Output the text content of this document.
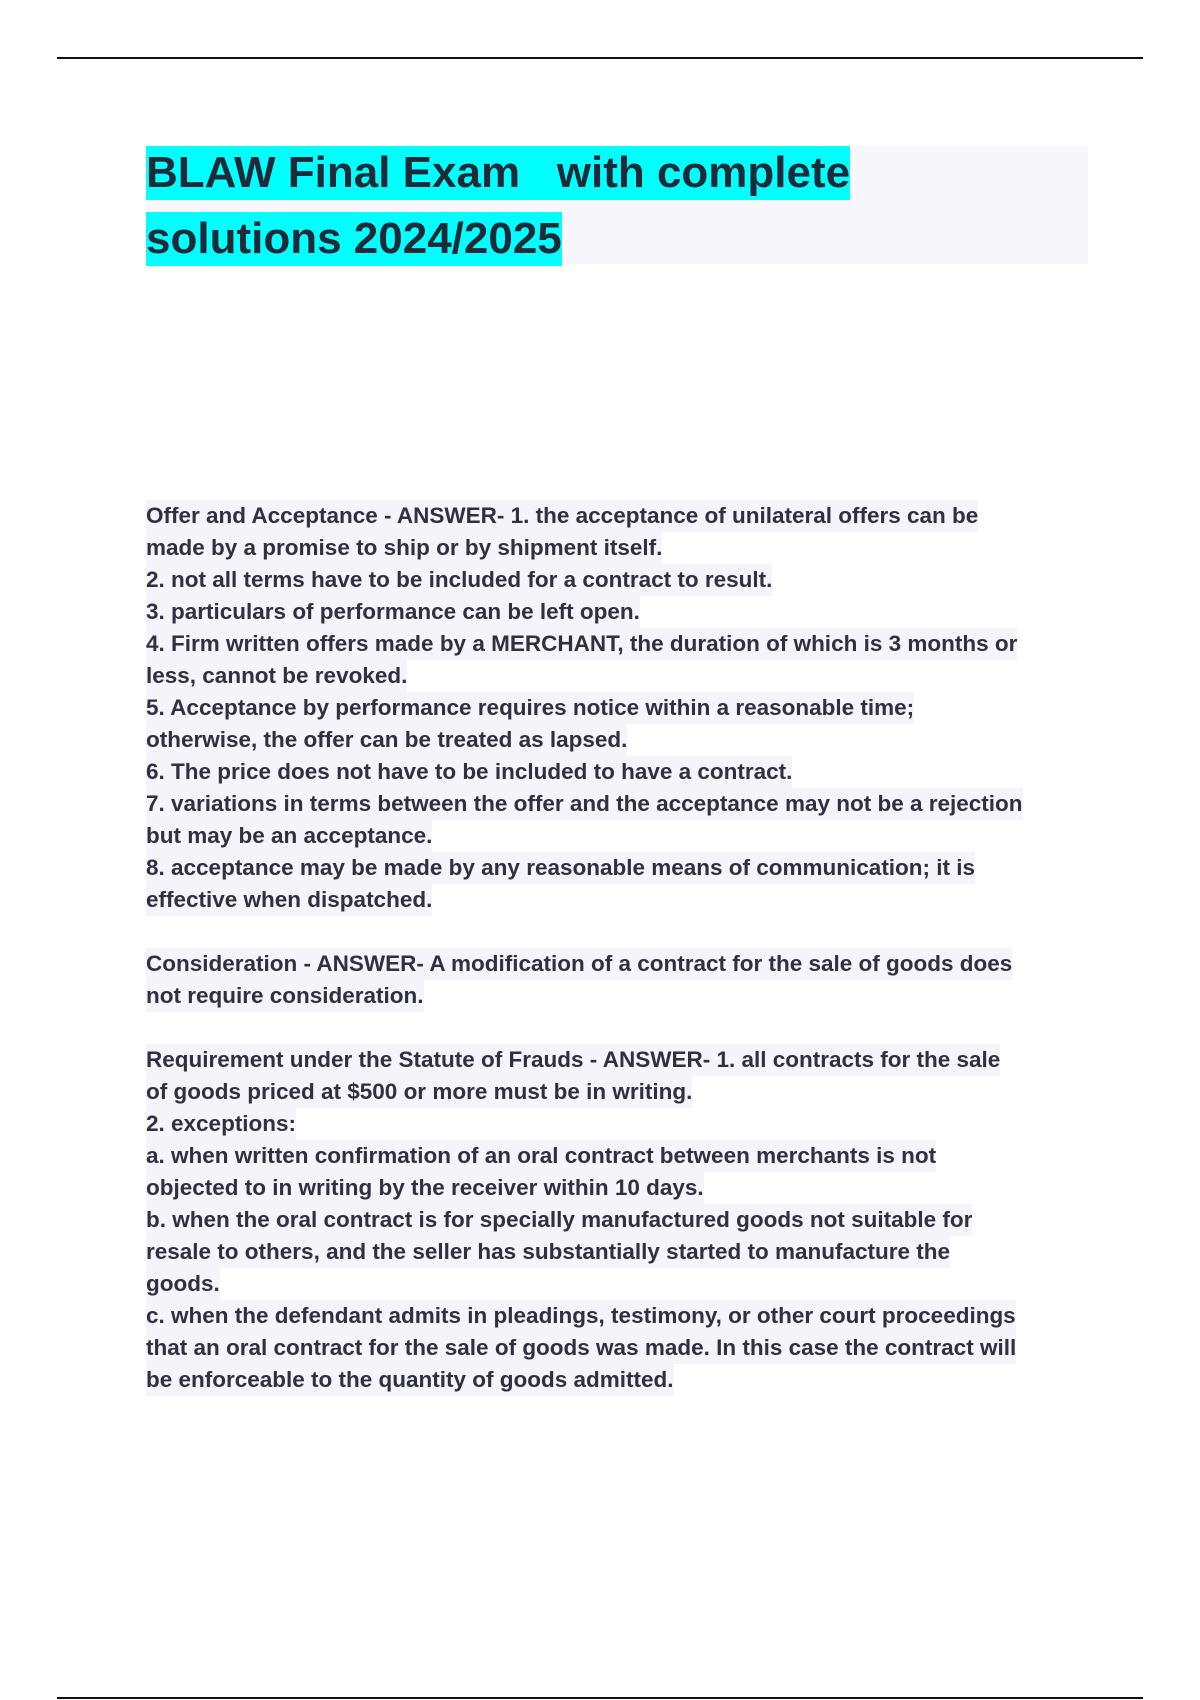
BLAW Final Exam   with complete
solutions 2024/2025
Offer and Acceptance - ANSWER- 1. the acceptance of unilateral offers can be
made by a promise to ship or by shipment itself.
2. not all terms have to be included for a contract to result.
3. particulars of performance can be left open.
4. Firm written offers made by a MERCHANT, the duration of which is 3 months or
less, cannot be revoked.
5. Acceptance by performance requires notice within a reasonable time;
otherwise, the offer can be treated as lapsed.
6. The price does not have to be included to have a contract.
7. variations in terms between the offer and the acceptance may not be a rejection
but may be an acceptance.
8. acceptance may be made by any reasonable means of communication; it is
effective when dispatched.
Consideration - ANSWER- A modification of a contract for the sale of goods does
not require consideration.
Requirement under the Statute of Frauds - ANSWER- 1. all contracts for the sale
of goods priced at $500 or more must be in writing.
2. exceptions:
a. when written confirmation of an oral contract between merchants is not
objected to in writing by the receiver within 10 days.
b. when the oral contract is for specially manufactured goods not suitable for
resale to others, and the seller has substantially started to manufacture the
goods.
c. when the defendant admits in pleadings, testimony, or other court proceedings
that an oral contract for the sale of goods was made. In this case the contract will
be enforceable to the quantity of goods admitted.
